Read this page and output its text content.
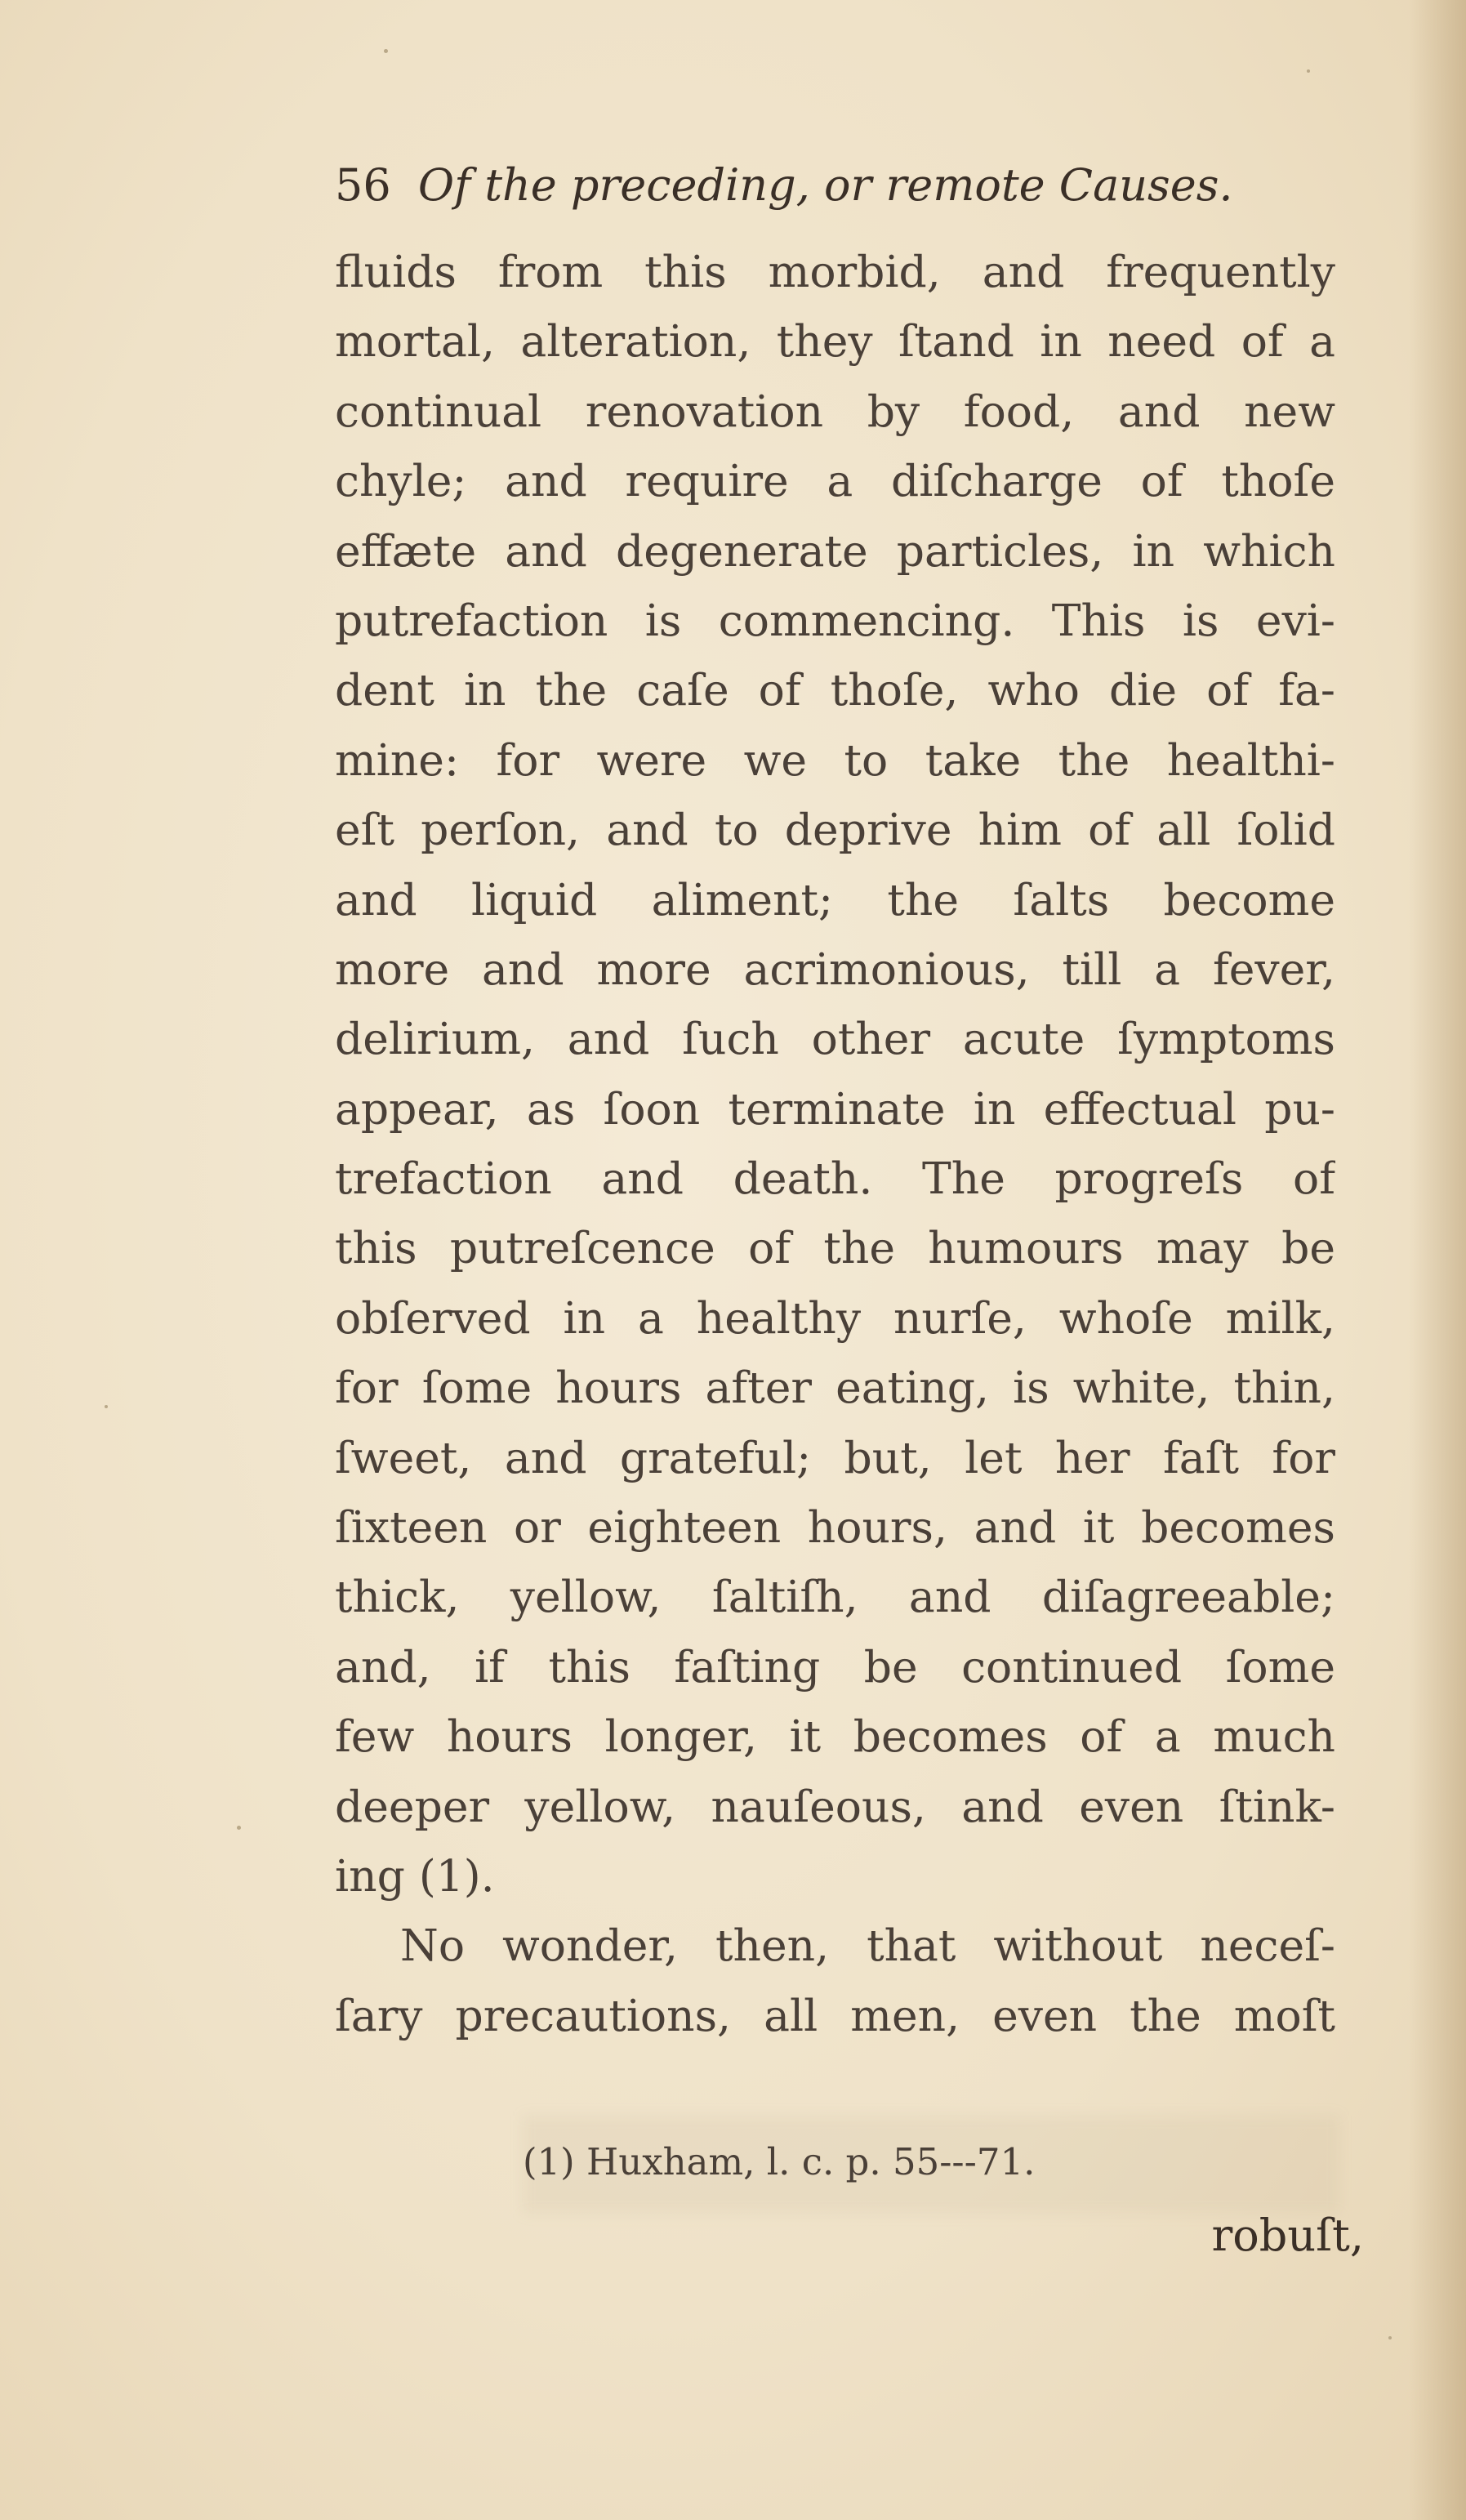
56 Of the preceding, or remote Causes.
fluids from this morbid, and frequently
mortal, alteration, they ſtand in need of a
continual renovation by food, and new
chyle; and require a diſcharge of thoſe
effæte and degenerate particles, in which
putrefaction is commencing. This is evi-
dent in the caſe of thoſe, who die of fa-
mine: for were we to take the healthi-
eſt perſon, and to deprive him of all ſolid
and liquid aliment; the ſalts become
more and more acrimonious, till a fever,
delirium, and ſuch other acute ſymptoms
appear, as ſoon terminate in effectual pu-
trefaction and death. The progreſs of
this putreſcence of the humours may be
obſerved in a healthy nurſe, whoſe milk,
for ſome hours after eating, is white, thin,
ſweet, and grateful; but, let her faſt for
ſixteen or eighteen hours, and it becomes
thick, yellow, ſaltiſh, and diſagreeable;
and, if this faſting be continued ſome
few hours longer, it becomes of a much
deeper yellow, nauſeous, and even ſtink-
ing (1).
No wonder, then, that without neceſ-
ſary precautions, all men, even the moſt
(1) Huxham, l. c. p. 55---71.
robuſt,
